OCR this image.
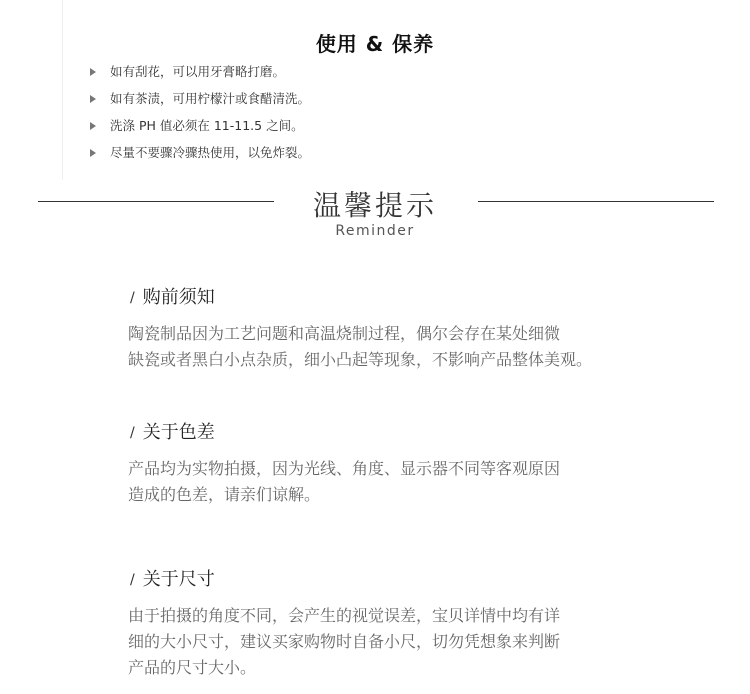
使用 & 保养
如有刮花，可以用牙膏略打磨。
如有茶渍，可用柠檬汁或食醋清洗。
洗涤 PH 值必须在 11-11.5 之间。
尽量不要骤冷骤热使用，以免炸裂。
温馨提示
Reminder
/ 购前须知
陶瓷制品因为工艺问题和高温烧制过程，偶尔会存在某处细微
缺瓷或者黑白小点杂质，细小凸起等现象，不影响产品整体美观。
/ 关于色差
产品均为实物拍摄，因为光线、角度、显示器不同等客观原因
造成的色差，请亲们谅解。
/ 关于尺寸
由于拍摄的角度不同，会产生的视觉误差，宝贝详情中均有详
细的大小尺寸，建议买家购物时自备小尺，切勿凭想象来判断
产品的尺寸大小。
